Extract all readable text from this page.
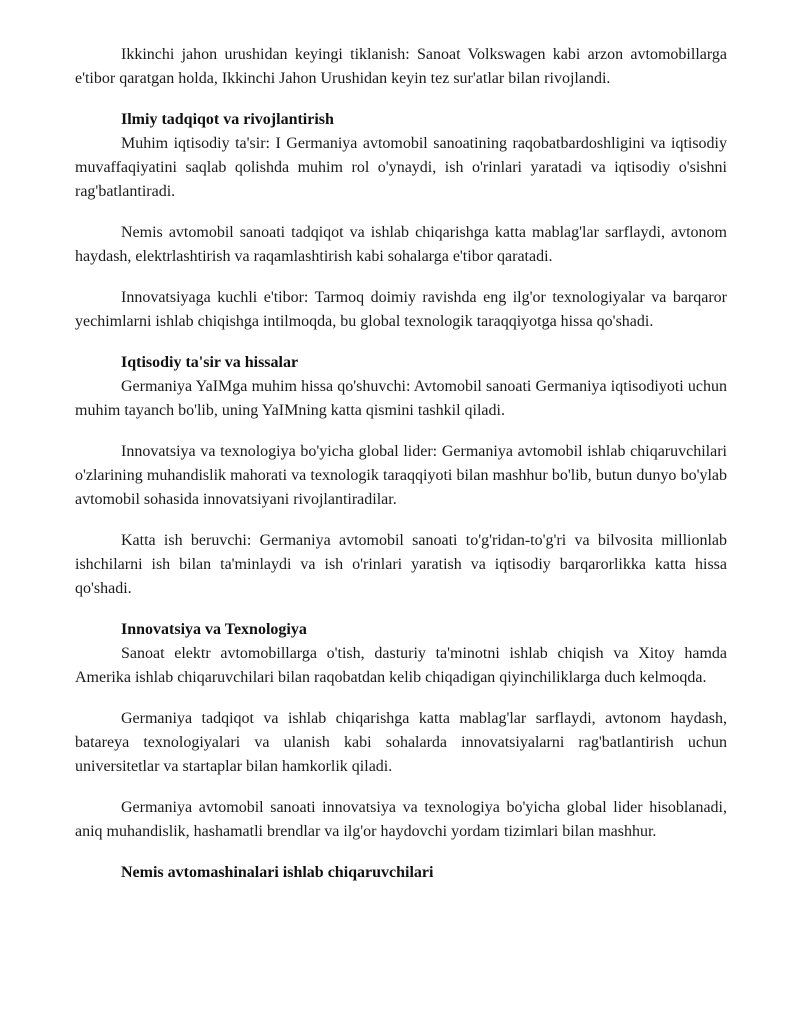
Ikkinchi jahon urushidan keyingi tiklanish: Sanoat Volkswagen kabi arzon avtomobillarga e'tibor qaratgan holda, Ikkinchi Jahon Urushidan keyin tez sur'atlar bilan rivojlandi.

Ilmiy tadqiqot va rivojlantirish

Muhim iqtisodiy ta'sir: I Germaniya avtomobil sanoatining raqobatbardoshligini va iqtisodiy muvaffaqiyatini saqlab qolishda muhim rol o'ynaydi, ish o'rinlari yaratadi va iqtisodiy o'sishni rag'batlantiradi.

Nemis avtomobil sanoati tadqiqot va ishlab chiqarishga katta mablag'lar sarflaydi, avtonom haydash, elektrlashtirish va raqamlashtirish kabi sohalarga e'tibor qaratadi.

Innovatsiyaga kuchli e'tibor: Tarmoq doimiy ravishda eng ilg'or texnologiyalar va barqaror yechimlarni ishlab chiqishga intilmoqda, bu global texnologik taraqqiyotga hissa qo'shadi.

Iqtisodiy ta'sir va hissalar

Germaniya YaIMga muhim hissa qo'shuvchi: Avtomobil sanoati Germaniya iqtisodiyoti uchun muhim tayanch bo'lib, uning YaIMning katta qismini tashkil qiladi.

Innovatsiya va texnologiya bo'yicha global lider: Germaniya avtomobil ishlab chiqaruvchilari o'zlarining muhandislik mahorati va texnologik taraqqiyoti bilan mashhur bo'lib, butun dunyo bo'ylab avtomobil sohasida innovatsiyani rivojlantiradilar.

Katta ish beruvchi: Germaniya avtomobil sanoati to'g'ridan-to'g'ri va bilvosita millionlab ishchilarni ish bilan ta'minlaydi va ish o'rinlari yaratish va iqtisodiy barqarorlikka katta hissa qo'shadi.

Innovatsiya va Texnologiya

Sanoat elektr avtomobillarga o'tish, dasturiy ta'minotni ishlab chiqish va Xitoy hamda Amerika ishlab chiqaruvchilari bilan raqobatdan kelib chiqadigan qiyinchiliklarga duch kelmoqda.

Germaniya tadqiqot va ishlab chiqarishga katta mablag'lar sarflaydi, avtonom haydash, batareya texnologiyalari va ulanish kabi sohalarda innovatsiyalarni rag'batlantirish uchun universitetlar va startaplar bilan hamkorlik qiladi.

Germaniya avtomobil sanoati innovatsiya va texnologiya bo'yicha global lider hisoblanadi, aniq muhandislik, hashamatli brendlar va ilg'or haydovchi yordam tizimlari bilan mashhur.

Nemis avtomashinalari ishlab chiqaruvchilari
